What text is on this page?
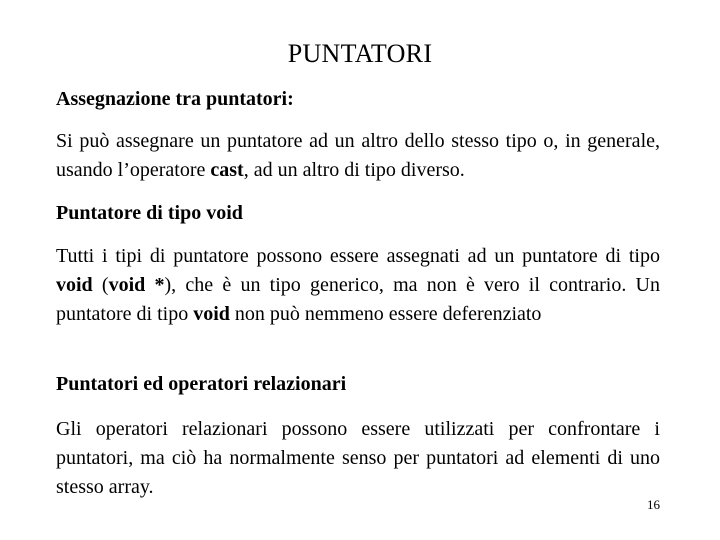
PUNTATORI
Assegnazione tra puntatori:
Si può assegnare un puntatore ad un altro dello stesso tipo o, in generale, usando l’operatore cast, ad un altro di tipo diverso.
Puntatore di tipo void
Tutti i tipi di puntatore possono essere assegnati ad un puntatore di tipo void (void *), che è un tipo generico, ma non è vero il contrario. Un puntatore di tipo void non può nemmeno essere deferenziato
Puntatori ed operatori relazionari
Gli operatori relazionari possono essere utilizzati per confrontare i puntatori, ma ciò ha normalmente senso per puntatori ad elementi di uno stesso array.
16
